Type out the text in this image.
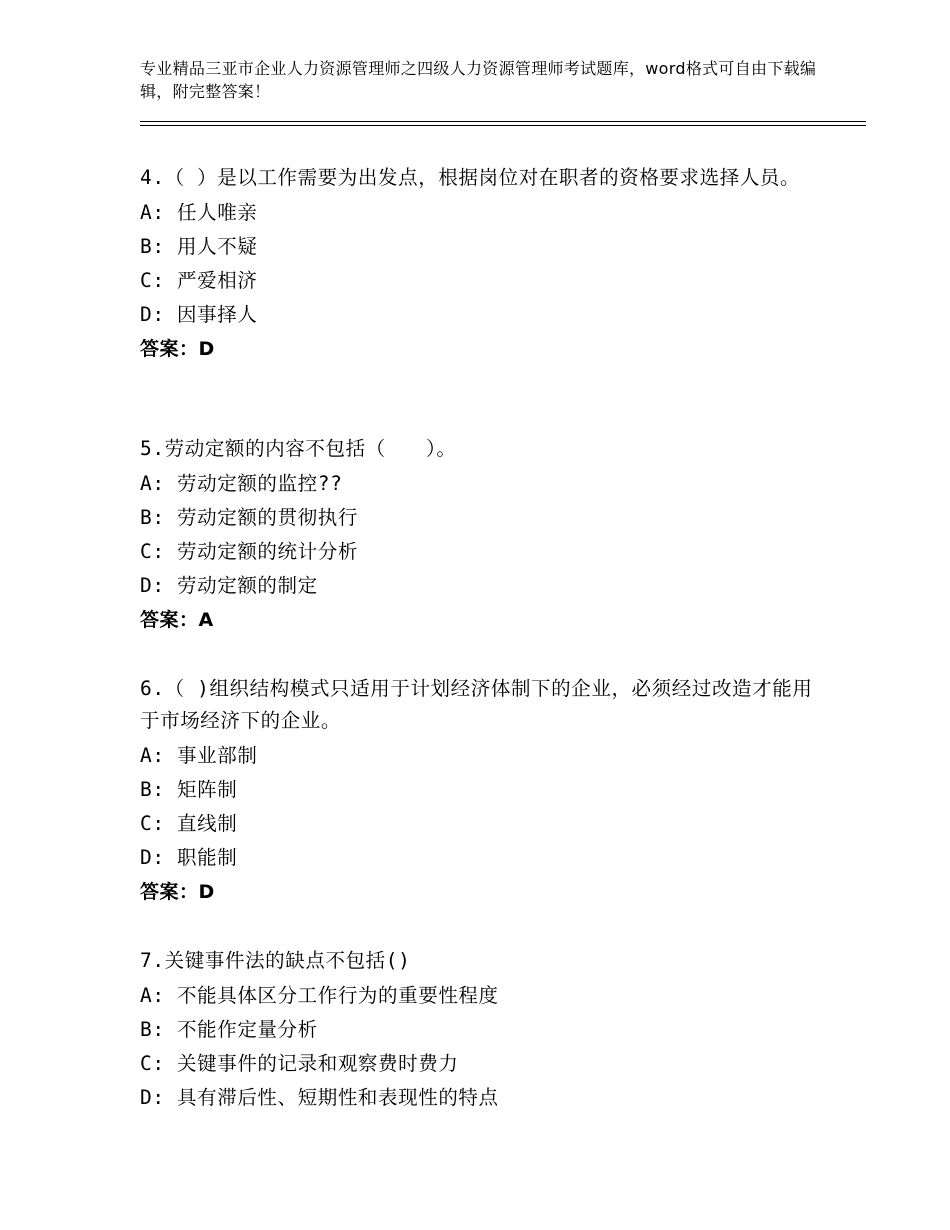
专业精品三亚市企业人力资源管理师之四级人力资源管理师考试题库，word格式可自由下载编辑，附完整答案！
4.（ ）是以工作需要为出发点，根据岗位对在职者的资格要求选择人员。
A: 任人唯亲
B: 用人不疑
C: 严爱相济
D: 因事择人
答案：D
5.劳动定额的内容不包括（　　）。
A: 劳动定额的监控??
B: 劳动定额的贯彻执行
C: 劳动定额的统计分析
D: 劳动定额的制定
答案：A
6.（ )组织结构模式只适用于计划经济体制下的企业，必须经过改造才能用于市场经济下的企业。
A: 事业部制
B: 矩阵制
C: 直线制
D: 职能制
答案：D
7.关键事件法的缺点不包括()
A: 不能具体区分工作行为的重要性程度
B: 不能作定量分析
C: 关键事件的记录和观察费时费力
D: 具有滞后性、短期性和表现性的特点
